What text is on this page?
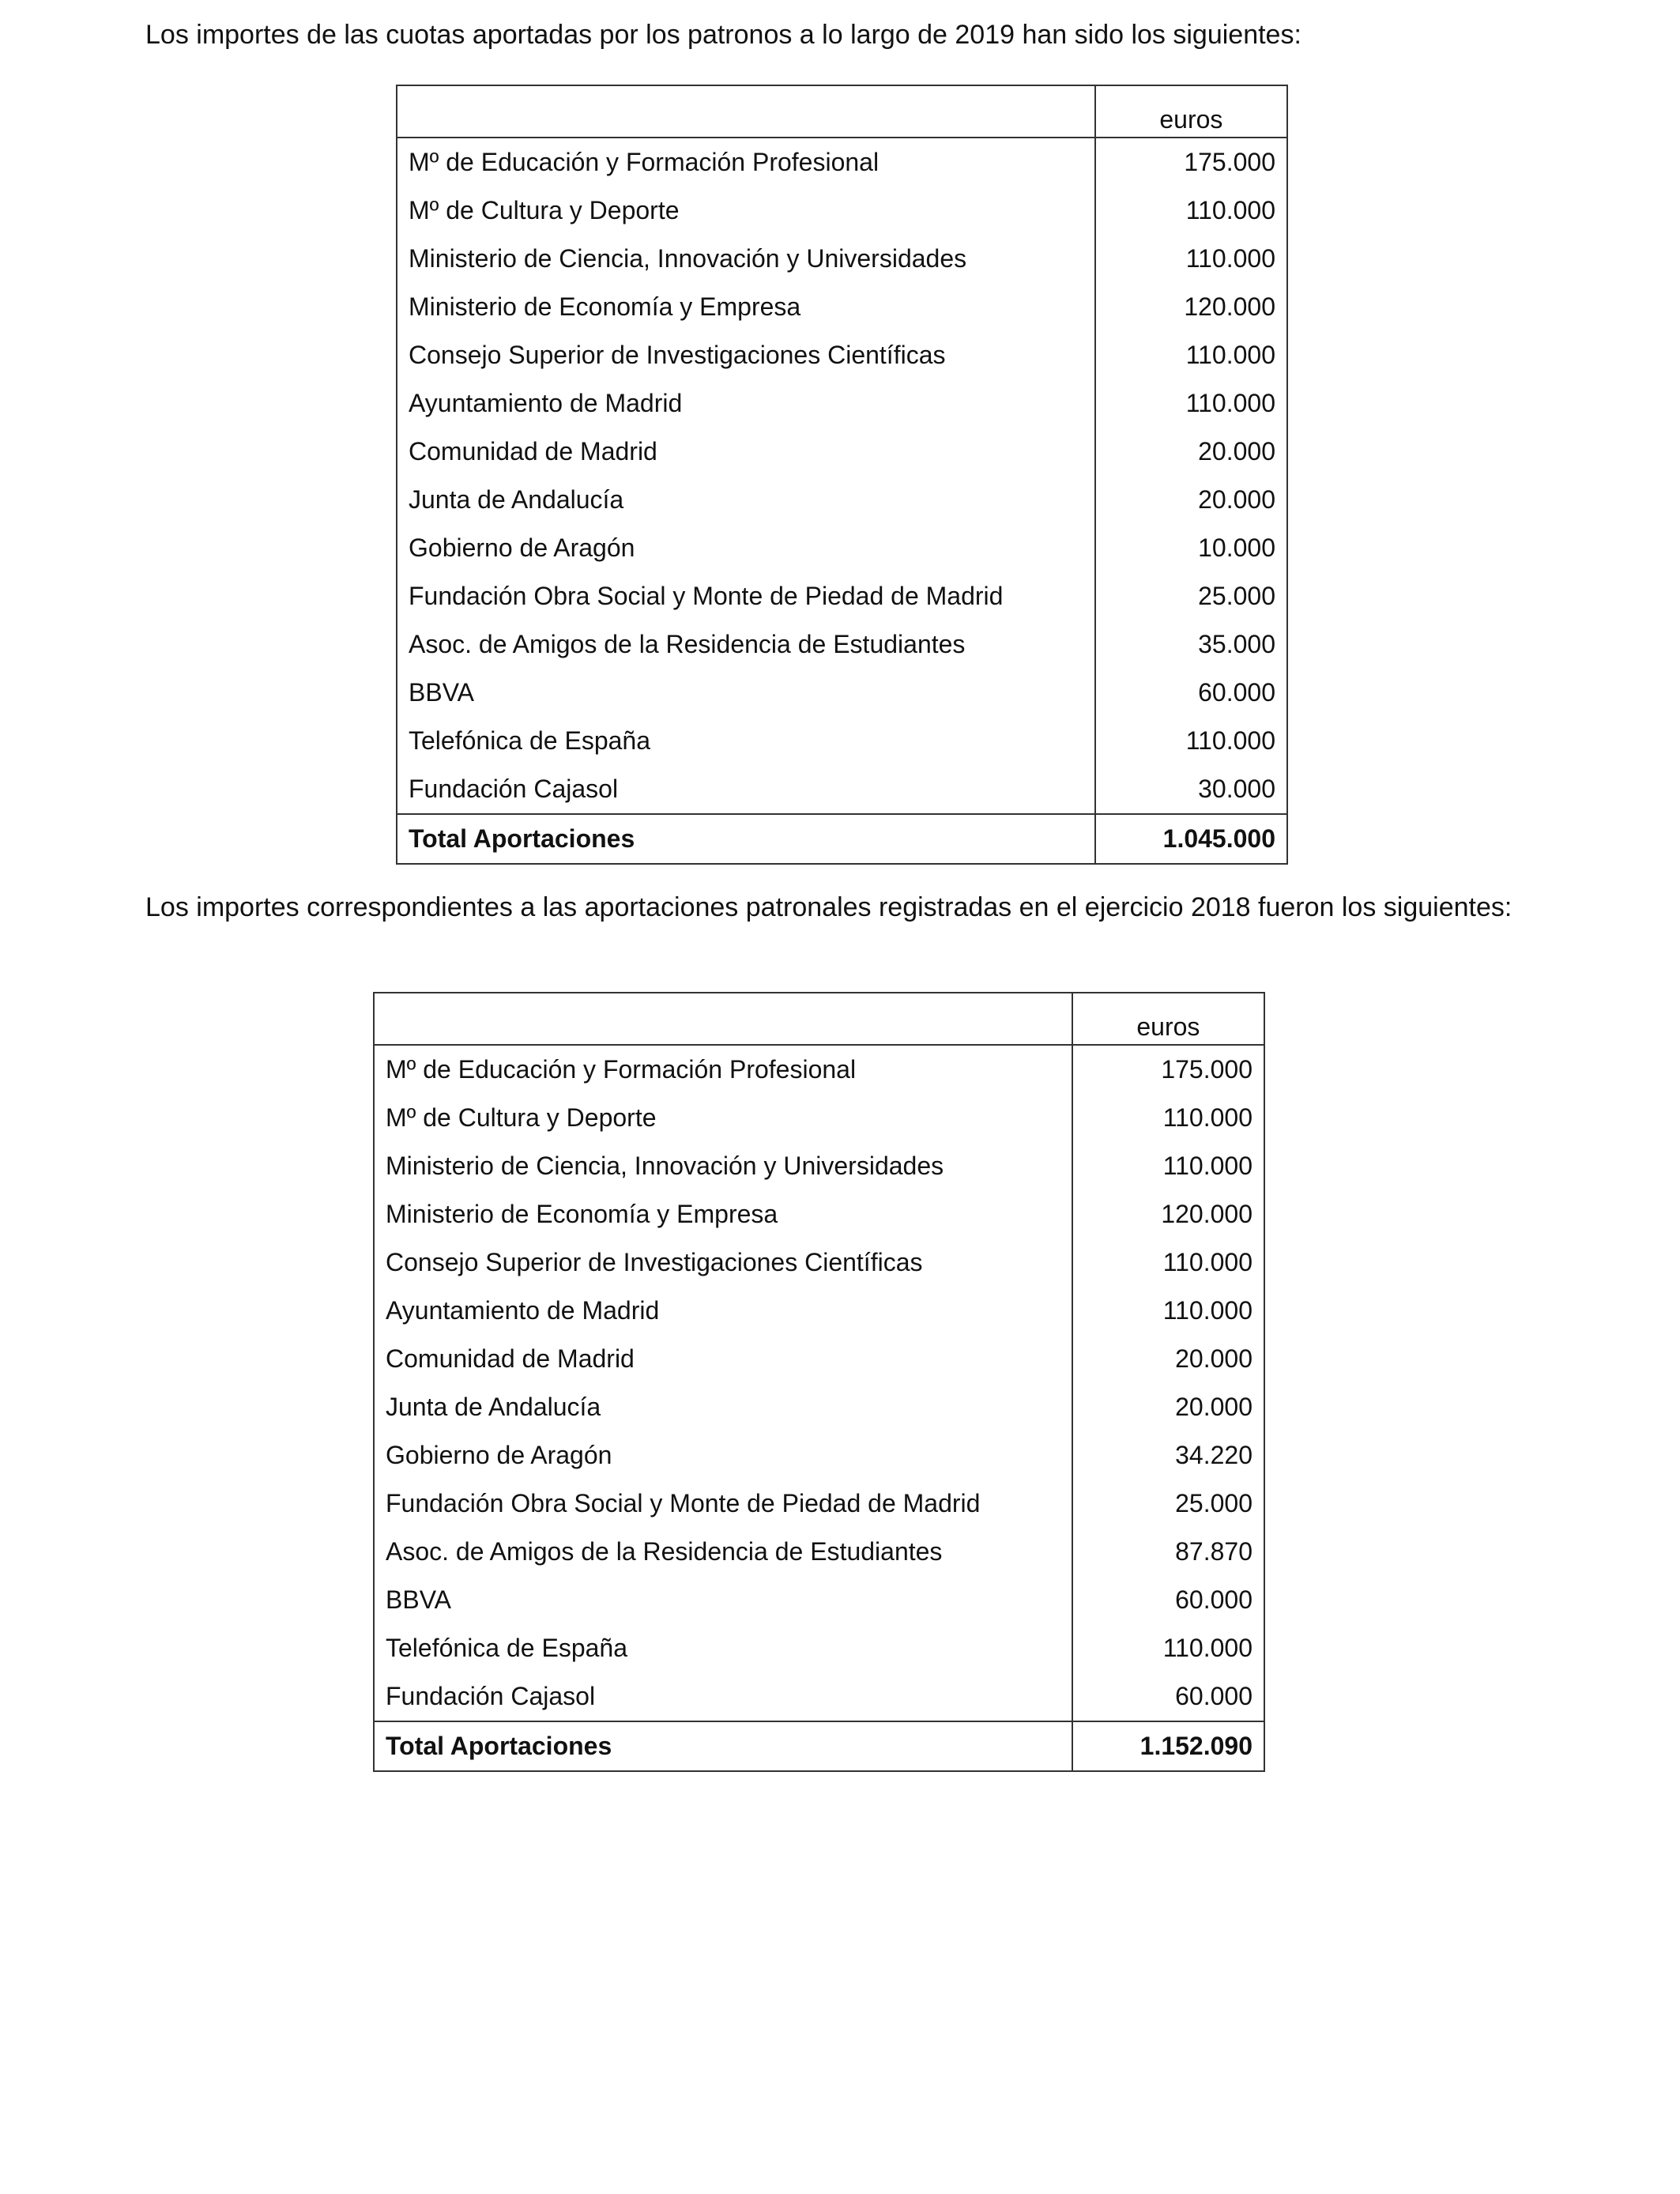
Los importes de las cuotas aportadas por los patronos a lo largo de 2019 han sido los siguientes:

	euros
Mº de Educación y Formación Profesional	175.000
Mº de Cultura y Deporte	110.000
Ministerio de Ciencia, Innovación y Universidades	110.000
Ministerio de Economía y Empresa	120.000
Consejo Superior de Investigaciones Científicas	110.000
Ayuntamiento de Madrid	110.000
Comunidad de Madrid	20.000
Junta de Andalucía	20.000
Gobierno de Aragón	10.000
Fundación Obra Social y Monte de Piedad de Madrid	25.000
Asoc. de Amigos de la Residencia de Estudiantes	35.000
BBVA	60.000
Telefónica de España	110.000
Fundación Cajasol	30.000
Total Aportaciones	1.045.000

Los importes correspondientes a las aportaciones patronales registradas en el ejercicio 2018 fueron los siguientes:

	euros
Mº de Educación y Formación Profesional	175.000
Mº de Cultura y Deporte	110.000
Ministerio de Ciencia, Innovación y Universidades	110.000
Ministerio de Economía y Empresa	120.000
Consejo Superior de Investigaciones Científicas	110.000
Ayuntamiento de Madrid	110.000
Comunidad de Madrid	20.000
Junta de Andalucía	20.000
Gobierno de Aragón	34.220
Fundación Obra Social y Monte de Piedad de Madrid	25.000
Asoc. de Amigos de la Residencia de Estudiantes	87.870
BBVA	60.000
Telefónica de España	110.000
Fundación Cajasol	60.000
Total Aportaciones	1.152.090
